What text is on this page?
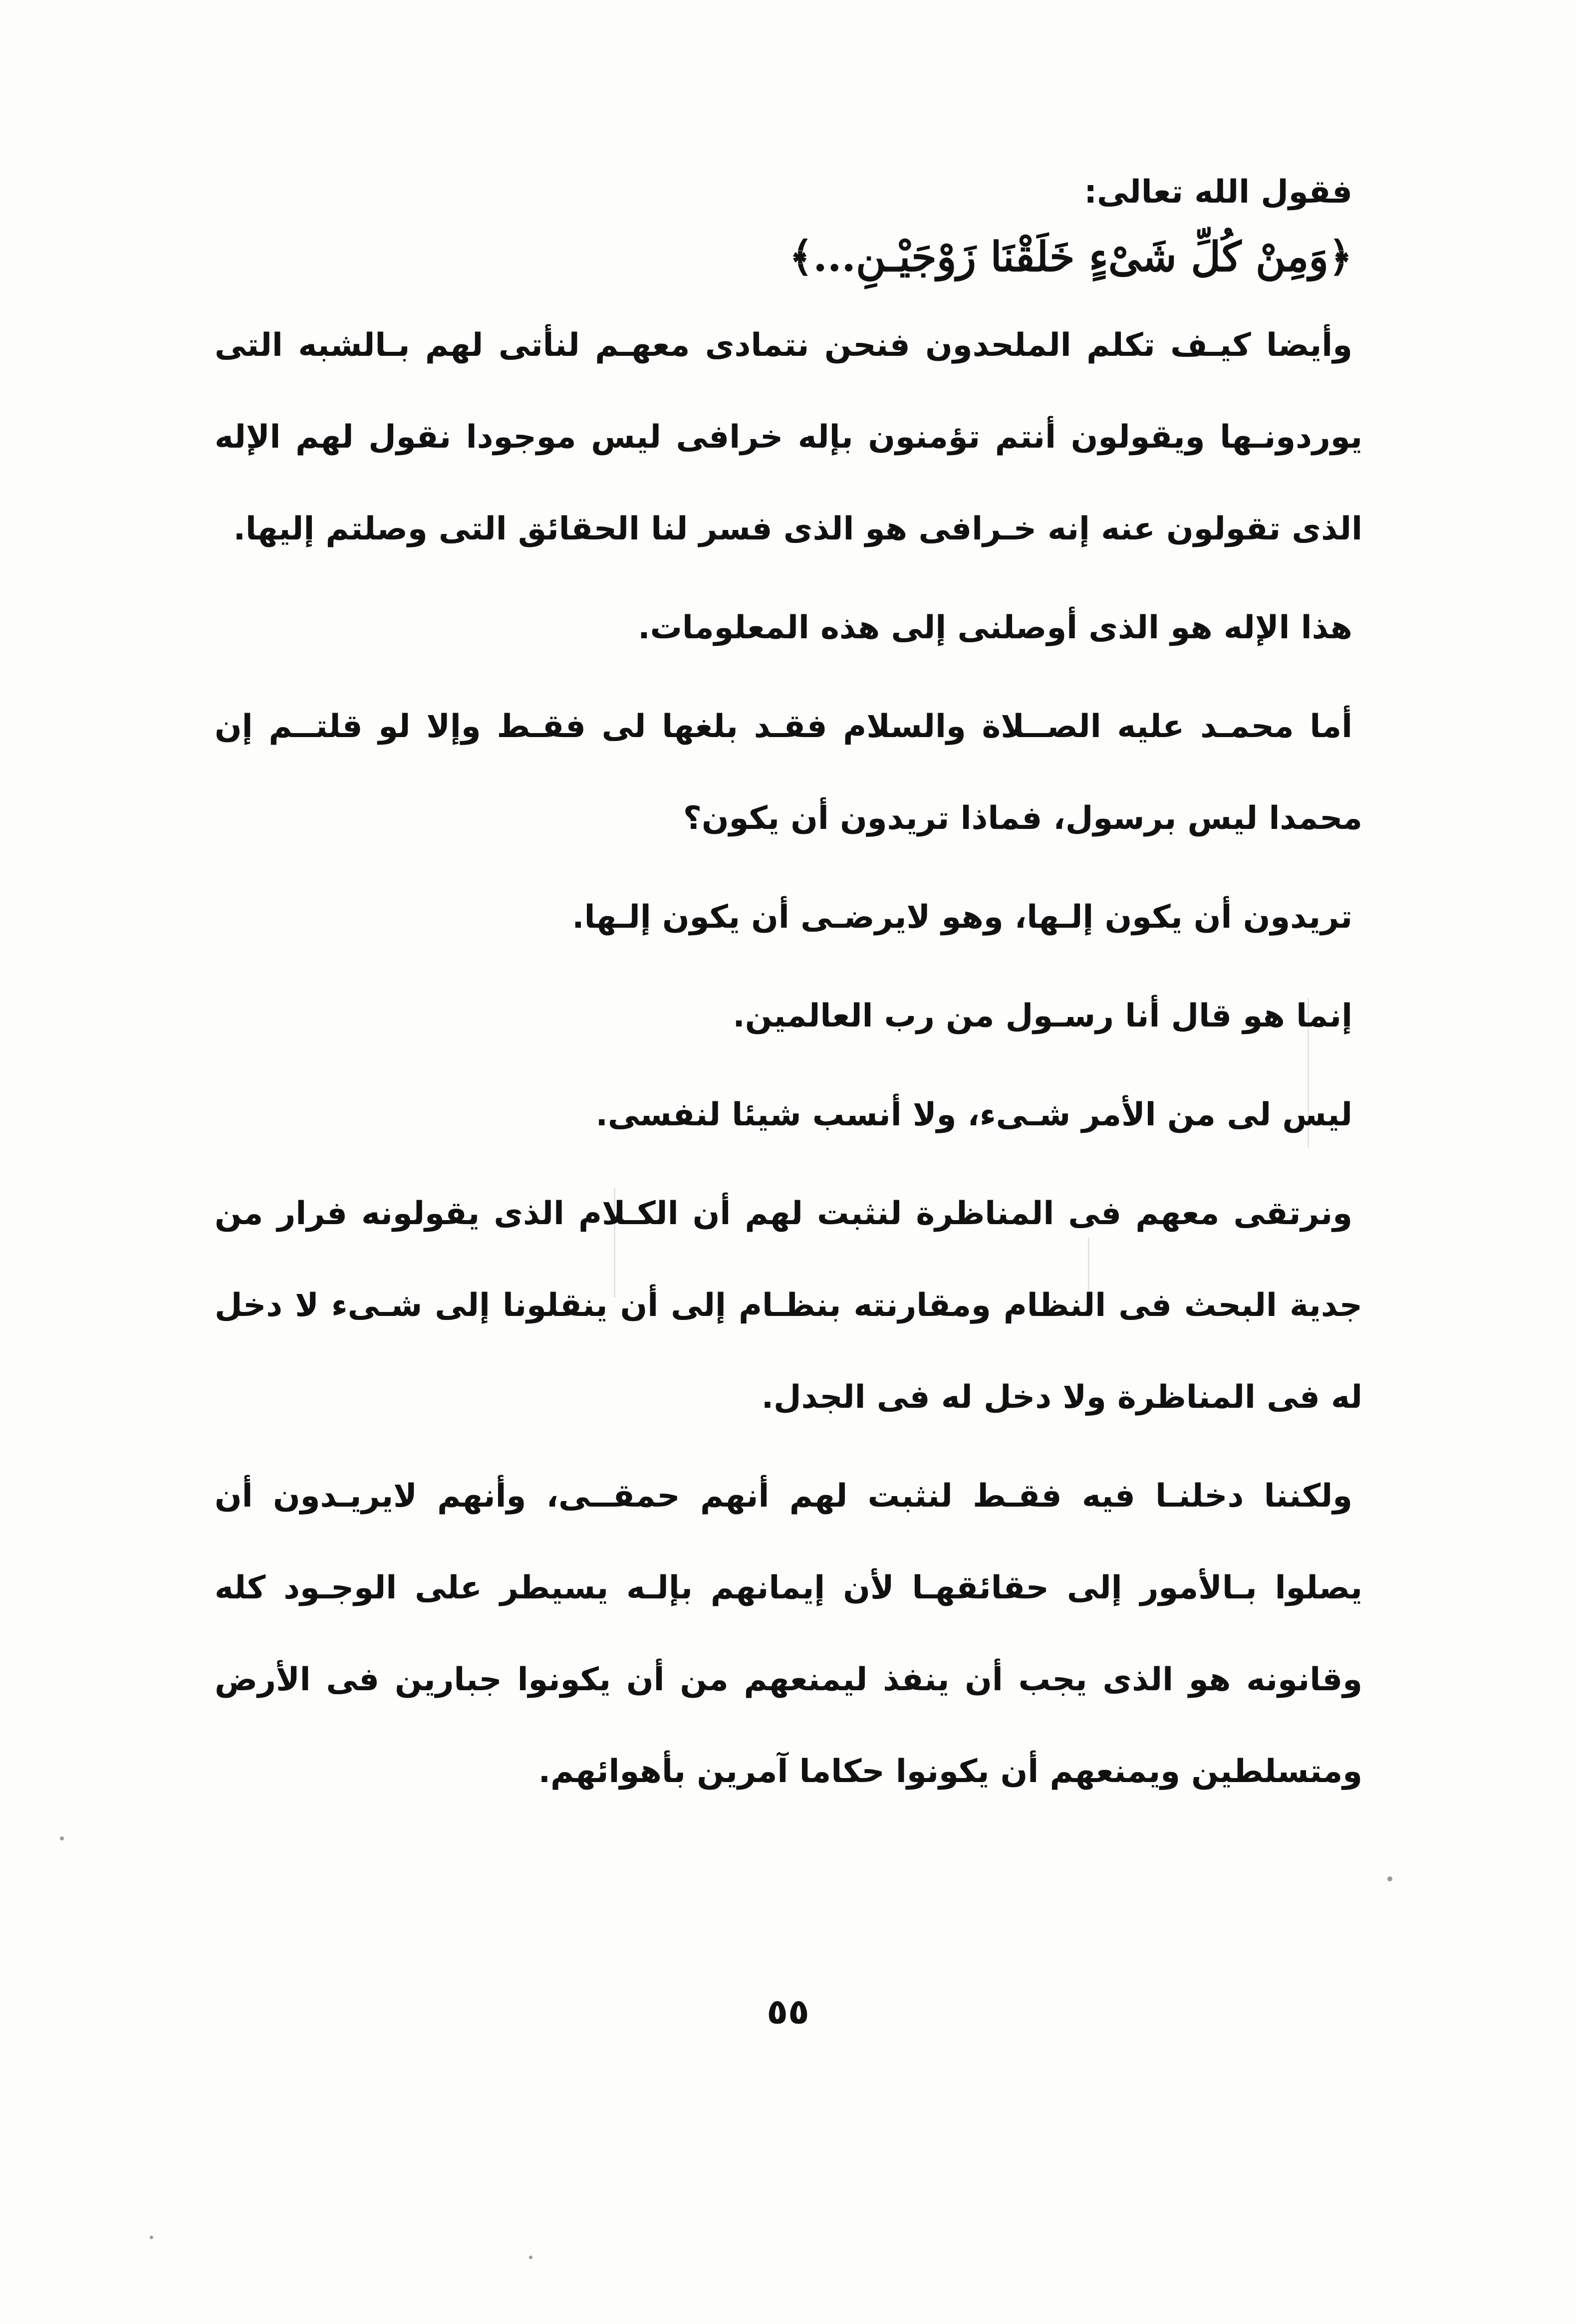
فقول الله تعالى:

﴿وَمِنْ كُلِّ شَىْءٍ خَلَقْنَا زَوْجَيْـنِ...﴾

وأيضا كيـف تكلم الملحدون فنحن نتمادى معهـم لنأتى لهم بـالشبه التى يوردونـها ويقولون أنتم تؤمنون بإله خرافى ليس موجودا نقول لهم الإله الذى تقولون عنه إنه خـرافى هو الذى فسر لنا الحقائق التى وصلتم إليها.

هذا الإله هو الذى أوصلنى إلى هذه المعلومات.

أما محمـد عليه الصــلاة والسلام فقـد بلغها لى فقـط وإلا لو قلتــم إن محمدا ليس برسول، فماذا تريدون أن يكون؟

تريدون أن يكون إلـها، وهو لايرضـى أن يكون إلـها.

إنما هو قال أنا رسـول من رب العالمين.

ليس لى من الأمر شـىء، ولا أنسب شيئا لنفسى.

ونرتقى معهم فى المناظرة لنثبت لهم أن الكـلام الذى يقولونه فرار من جدية البحث فى النظام ومقارنته بنظـام إلى أن ينقلونا إلى شـىء لا دخل له فى المناظرة ولا دخل له فى الجدل.

ولكننا دخلنـا فيه فقـط لنثبت لهم أنهم حمقــى، وأنهم لايريـدون أن يصلوا بـالأمور إلى حقائقهـا لأن إيمانهم بإلـه يسيطر على الوجـود كله وقانونه هو الذى يجب أن ينفذ ليمنعهم من أن يكونوا جبارين فى الأرض ومتسلطين ويمنعهم أن يكونوا حكاما آمرين بأهوائهم.

٥٥
